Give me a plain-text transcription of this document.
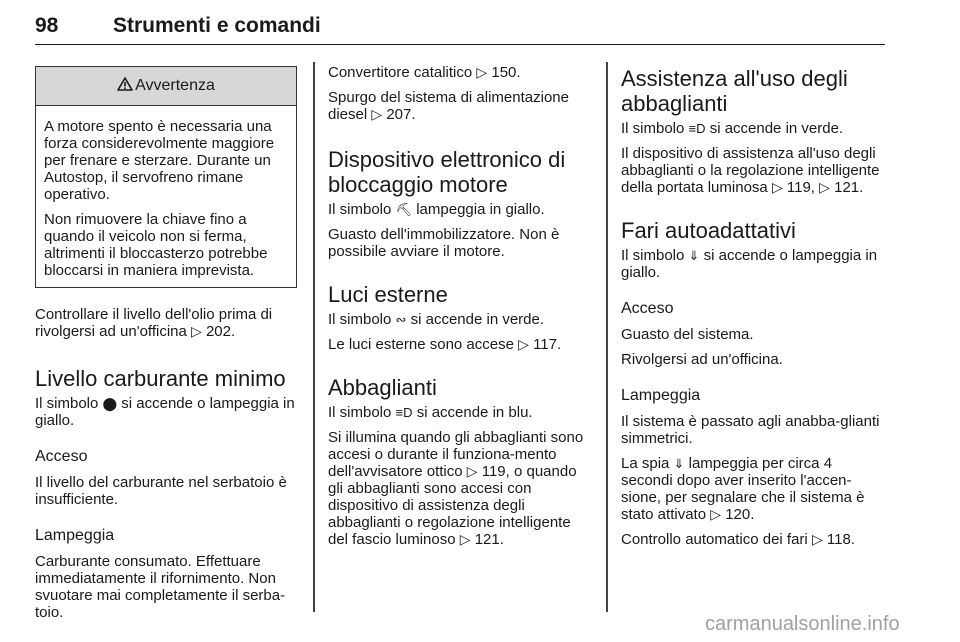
98	Strumenti e comandi
Avvertenza

A motore spento è necessaria una forza considerevolmente maggiore per frenare e sterzare. Durante un Autostop, il servofreno rimane operativo.

Non rimuovere la chiave fino a quando il veicolo non si ferma, altrimenti il bloccasterzo potrebbe bloccarsi in maniera imprevista.

Controllare il livello dell'olio prima di rivolgersi ad un'officina ▷ 202.

Livello carburante minimo

Il simbolo ⬤ si accende o lampeggia in giallo.

Acceso

Il livello del carburante nel serbatoio è insufficiente.

Lampeggia

Carburante consumato. Effettuare immediatamente il rifornimento. Non svuotare mai completamente il serba-toio.

Convertitore catalitico ▷ 150.

Spurgo del sistema di alimentazione diesel ▷ 207.

Dispositivo elettronico di bloccaggio motore

Il simbolo ⛏ lampeggia in giallo.

Guasto dell'immobilizzatore. Non è possibile avviare il motore.

Luci esterne

Il simbolo ∾ si accende in verde.

Le luci esterne sono accese ▷ 117.

Abbaglianti

Il simbolo ≡D si accende in blu.

Si illumina quando gli abbaglianti sono accesi o durante il funziona-mento dell'avvisatore ottico ▷ 119, o quando gli abbaglianti sono accesi con dispositivo di assistenza degli abbaglianti o regolazione intelligente del fascio luminoso ▷ 121.

Assistenza all'uso degli abbaglianti

Il simbolo ≡D si accende in verde.

Il dispositivo di assistenza all'uso degli abbaglianti o la regolazione intelligente della portata luminosa ▷ 119, ▷ 121.

Fari autoadattativi

Il simbolo ⇓ si accende o lampeggia in giallo.

Acceso

Guasto del sistema.

Rivolgersi ad un'officina.

Lampeggia

Il sistema è passato agli anabba-glianti simmetrici.

La spia ⇓ lampeggia per circa 4 secondi dopo aver inserito l'accen-sione, per segnalare che il sistema è stato attivato ▷ 120.

Controllo automatico dei fari ▷ 118.

carmanualsonline.info
